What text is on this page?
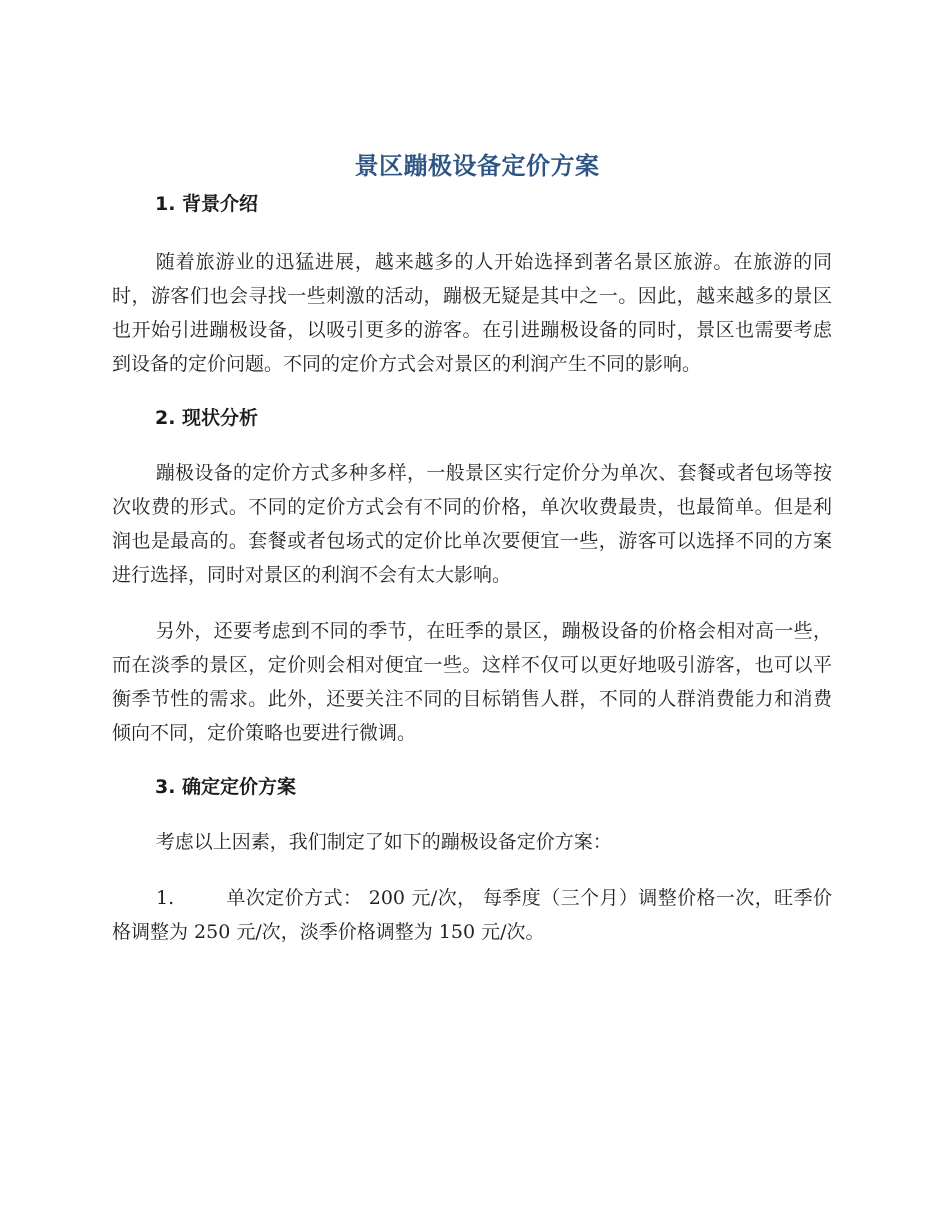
景区蹦极设备定价方案
1. 背景介绍

随着旅游业的迅猛进展，越来越多的人开始选择到著名景区旅游。在旅游的同时，游客们也会寻找一些刺激的活动，蹦极无疑是其中之一。因此，越来越多的景区也开始引进蹦极设备，以吸引更多的游客。在引进蹦极设备的同时，景区也需要考虑到设备的定价问题。不同的定价方式会对景区的利润产生不同的影响。

2. 现状分析

蹦极设备的定价方式多种多样，一般景区实行定价分为单次、套餐或者包场等按次收费的形式。不同的定价方式会有不同的价格，单次收费最贵，也最简单。但是利润也是最高的。套餐或者包场式的定价比单次要便宜一些，游客可以选择不同的方案进行选择，同时对景区的利润不会有太大影响。

另外，还要考虑到不同的季节，在旺季的景区，蹦极设备的价格会相对高一些，而在淡季的景区，定价则会相对便宜一些。这样不仅可以更好地吸引游客，也可以平衡季节性的需求。此外，还要关注不同的目标销售人群，不同的人群消费能力和消费倾向不同，定价策略也要进行微调。

3. 确定定价方案

考虑以上因素，我们制定了如下的蹦极设备定价方案：

1.	单次定价方式： 200 元/次， 每季度（三个月）调整价格一次，旺季价格调整为 250 元/次，淡季价格调整为 150 元/次。
